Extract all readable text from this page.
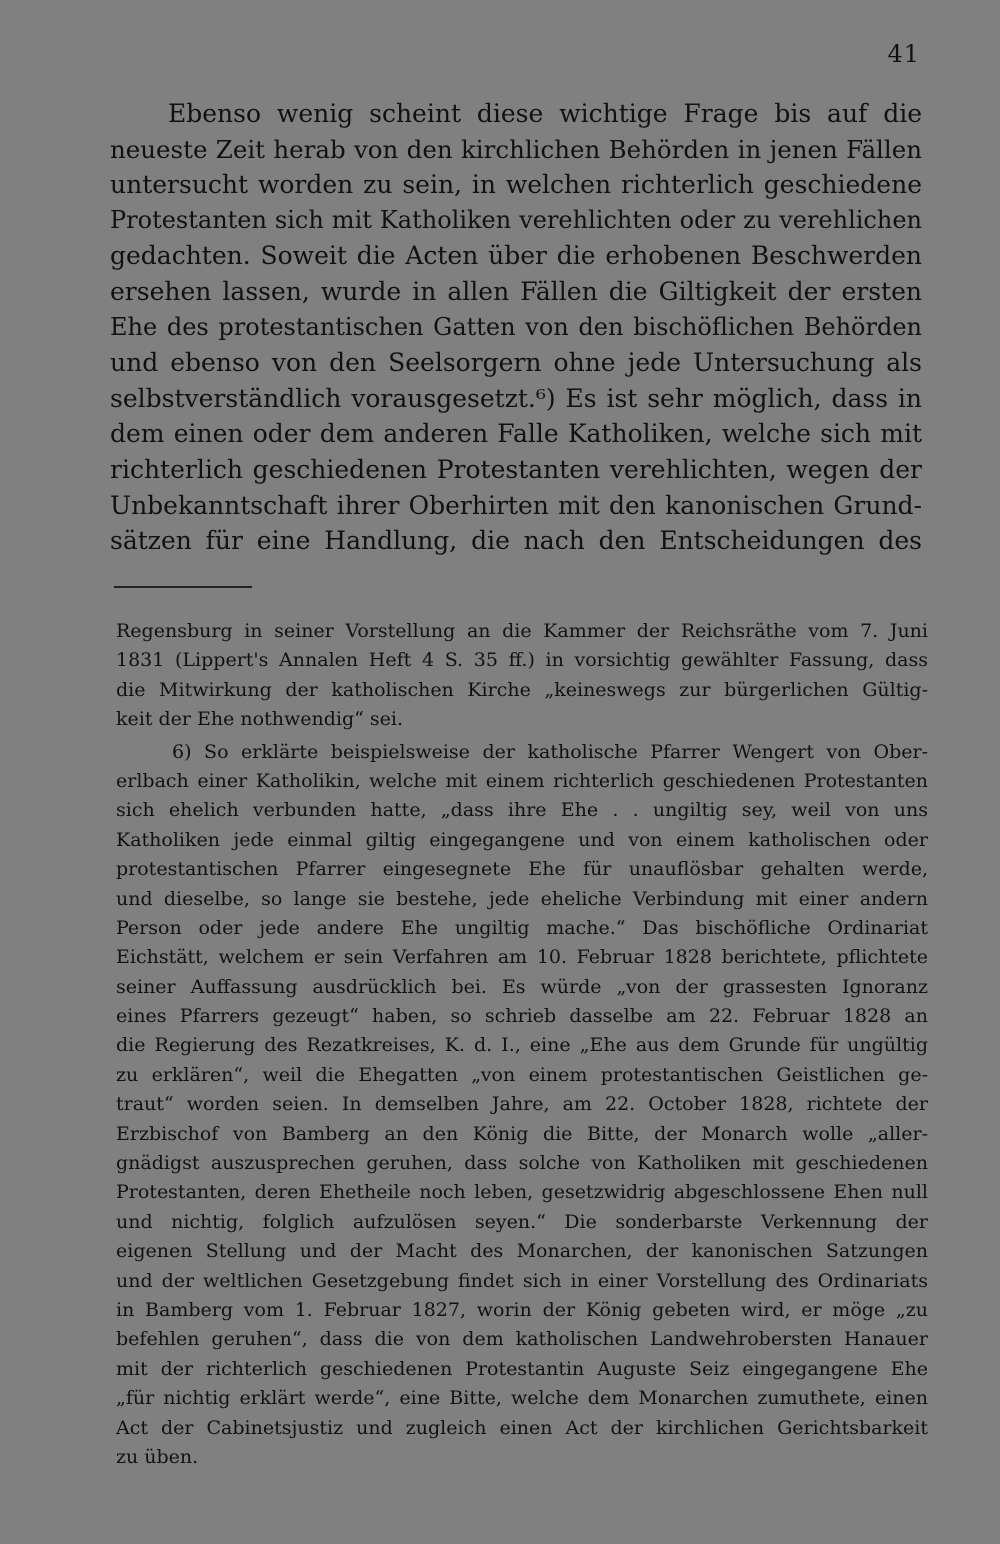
41
Ebenso wenig scheint diese wichtige Frage bis auf die
neueste Zeit herab von den kirchlichen Behörden in jenen Fällen
untersucht worden zu sein, in welchen richterlich geschiedene
Protestanten sich mit Katholiken verehlichten oder zu verehlichen
gedachten. Soweit die Acten über die erhobenen Beschwerden
ersehen lassen, wurde in allen Fällen die Giltigkeit der ersten
Ehe des protestantischen Gatten von den bischöflichen Behörden
und ebenso von den Seelsorgern ohne jede Untersuchung als
selbstverständlich vorausgesetzt.⁶) Es ist sehr möglich, dass in
dem einen oder dem anderen Falle Katholiken, welche sich mit
richterlich geschiedenen Protestanten verehlichten, wegen der
Unbekanntschaft ihrer Oberhirten mit den kanonischen Grund-
sätzen für eine Handlung, die nach den Entscheidungen des
Regensburg in seiner Vorstellung an die Kammer der Reichsräthe vom 7. Juni
1831 (Lippert's Annalen Heft 4 S. 35 ff.) in vorsichtig gewählter Fassung, dass
die Mitwirkung der katholischen Kirche „keineswegs zur bürgerlichen Gültig-
keit der Ehe nothwendig“ sei.
6) So erklärte beispielsweise der katholische Pfarrer Wengert von Ober-
erlbach einer Katholikin, welche mit einem richterlich geschiedenen Protestanten
sich ehelich verbunden hatte, „dass ihre Ehe . . ungiltig sey, weil von uns
Katholiken jede einmal giltig eingegangene und von einem katholischen oder
protestantischen Pfarrer eingesegnete Ehe für unauflösbar gehalten werde,
und dieselbe, so lange sie bestehe, jede eheliche Verbindung mit einer andern
Person oder jede andere Ehe ungiltig mache.“ Das bischöfliche Ordinariat
Eichstätt, welchem er sein Verfahren am 10. Februar 1828 berichtete, pflichtete
seiner Auffassung ausdrücklich bei. Es würde „von der grassesten Ignoranz
eines Pfarrers gezeugt“ haben, so schrieb dasselbe am 22. Februar 1828 an
die Regierung des Rezatkreises, K. d. I., eine „Ehe aus dem Grunde für ungültig
zu erklären“, weil die Ehegatten „von einem protestantischen Geistlichen ge-
traut“ worden seien. In demselben Jahre, am 22. October 1828, richtete der
Erzbischof von Bamberg an den König die Bitte, der Monarch wolle „aller-
gnädigst auszusprechen geruhen, dass solche von Katholiken mit geschiedenen
Protestanten, deren Ehetheile noch leben, gesetzwidrig abgeschlossene Ehen null
und nichtig, folglich aufzulösen seyen.“ Die sonderbarste Verkennung der
eigenen Stellung und der Macht des Monarchen, der kanonischen Satzungen
und der weltlichen Gesetzgebung findet sich in einer Vorstellung des Ordinariats
in Bamberg vom 1. Februar 1827, worin der König gebeten wird, er möge „zu
befehlen geruhen“, dass die von dem katholischen Landwehrobersten Hanauer
mit der richterlich geschiedenen Protestantin Auguste Seiz eingegangene Ehe
„für nichtig erklärt werde“, eine Bitte, welche dem Monarchen zumuthete, einen
Act der Cabinetsjustiz und zugleich einen Act der kirchlichen Gerichtsbarkeit
zu üben.
